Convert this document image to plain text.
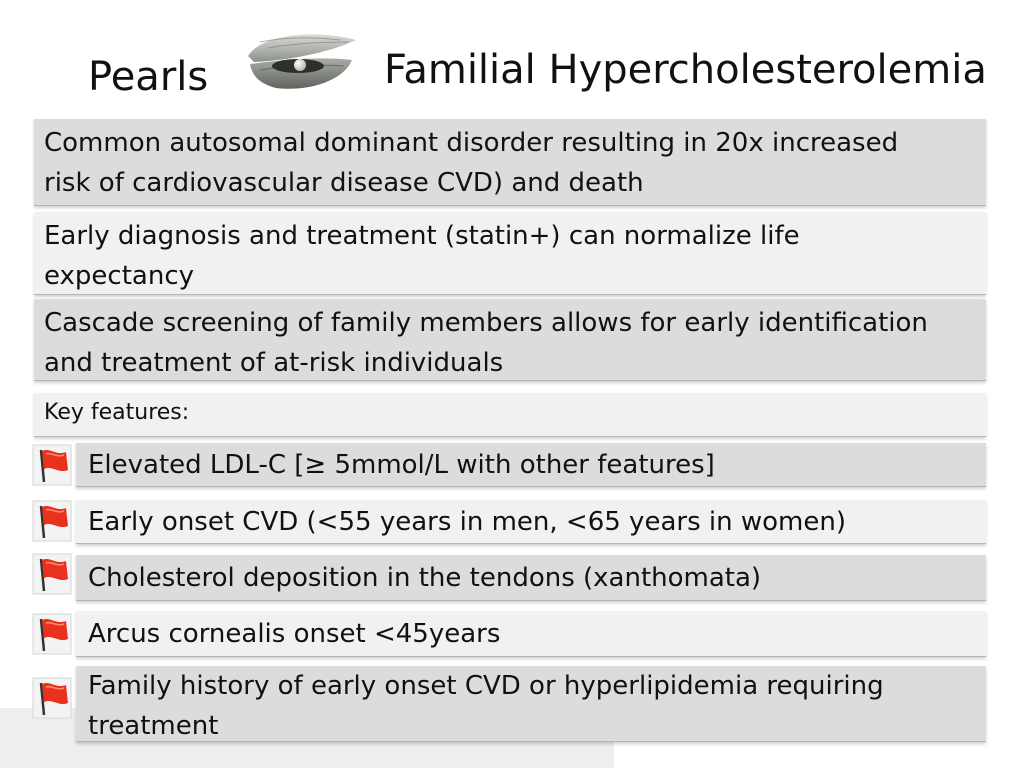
Pearls	Familial Hypercholesterolemia
Common autosomal dominant disorder resulting in 20x increased
risk of cardiovascular disease CVD) and death
Early diagnosis and treatment (statin+) can normalize life
expectancy
Cascade screening of family members allows for early identification
and treatment of at-risk individuals
Key features:
Elevated LDL-C [≥ 5mmol/L with other features]
Early onset CVD (<55 years in men, <65 years in women)
Cholesterol deposition in the tendons (xanthomata)
Arcus cornealis onset <45years
Family history of early onset CVD or hyperlipidemia requiring
treatment
